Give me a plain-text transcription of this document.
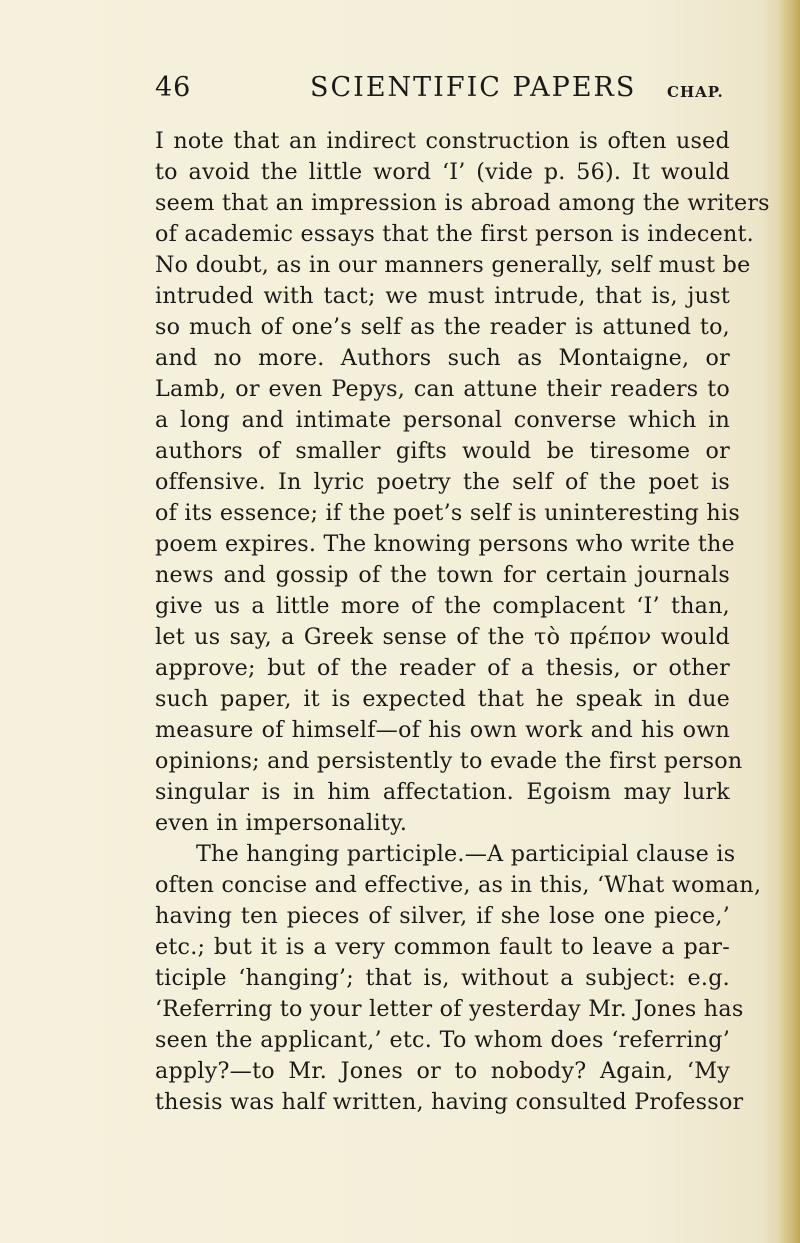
46	SCIENTIFIC PAPERS CHAP.
I note that an indirect construction is often used
to avoid the little word ‘I’ (vide p. 56). It would
seem that an impression is abroad among the writers
of academic essays that the first person is indecent.
No doubt, as in our manners generally, self must be
intruded with tact; we must intrude, that is, just
so much of one’s self as the reader is attuned to,
and no more. Authors such as Montaigne, or
Lamb, or even Pepys, can attune their readers to
a long and intimate personal converse which in
authors of smaller gifts would be tiresome or
offensive. In lyric poetry the self of the poet is
of its essence; if the poet’s self is uninteresting his
poem expires. The knowing persons who write the
news and gossip of the town for certain journals
give us a little more of the complacent ‘I’ than,
let us say, a Greek sense of the τὸ πρέπον would
approve; but of the reader of a thesis, or other
such paper, it is expected that he speak in due
measure of himself—of his own work and his own
opinions; and persistently to evade the first person
singular is in him affectation. Egoism may lurk
even in impersonality.
The hanging participle.—A participial clause is
often concise and effective, as in this, ‘What woman,
having ten pieces of silver, if she lose one piece,’
etc.; but it is a very common fault to leave a par-
ticiple ‘hanging’; that is, without a subject: e.g.
‘Referring to your letter of yesterday Mr. Jones has
seen the applicant,’ etc. To whom does ‘referring’
apply?—to Mr. Jones or to nobody? Again, ‘My
thesis was half written, having consulted Professor
